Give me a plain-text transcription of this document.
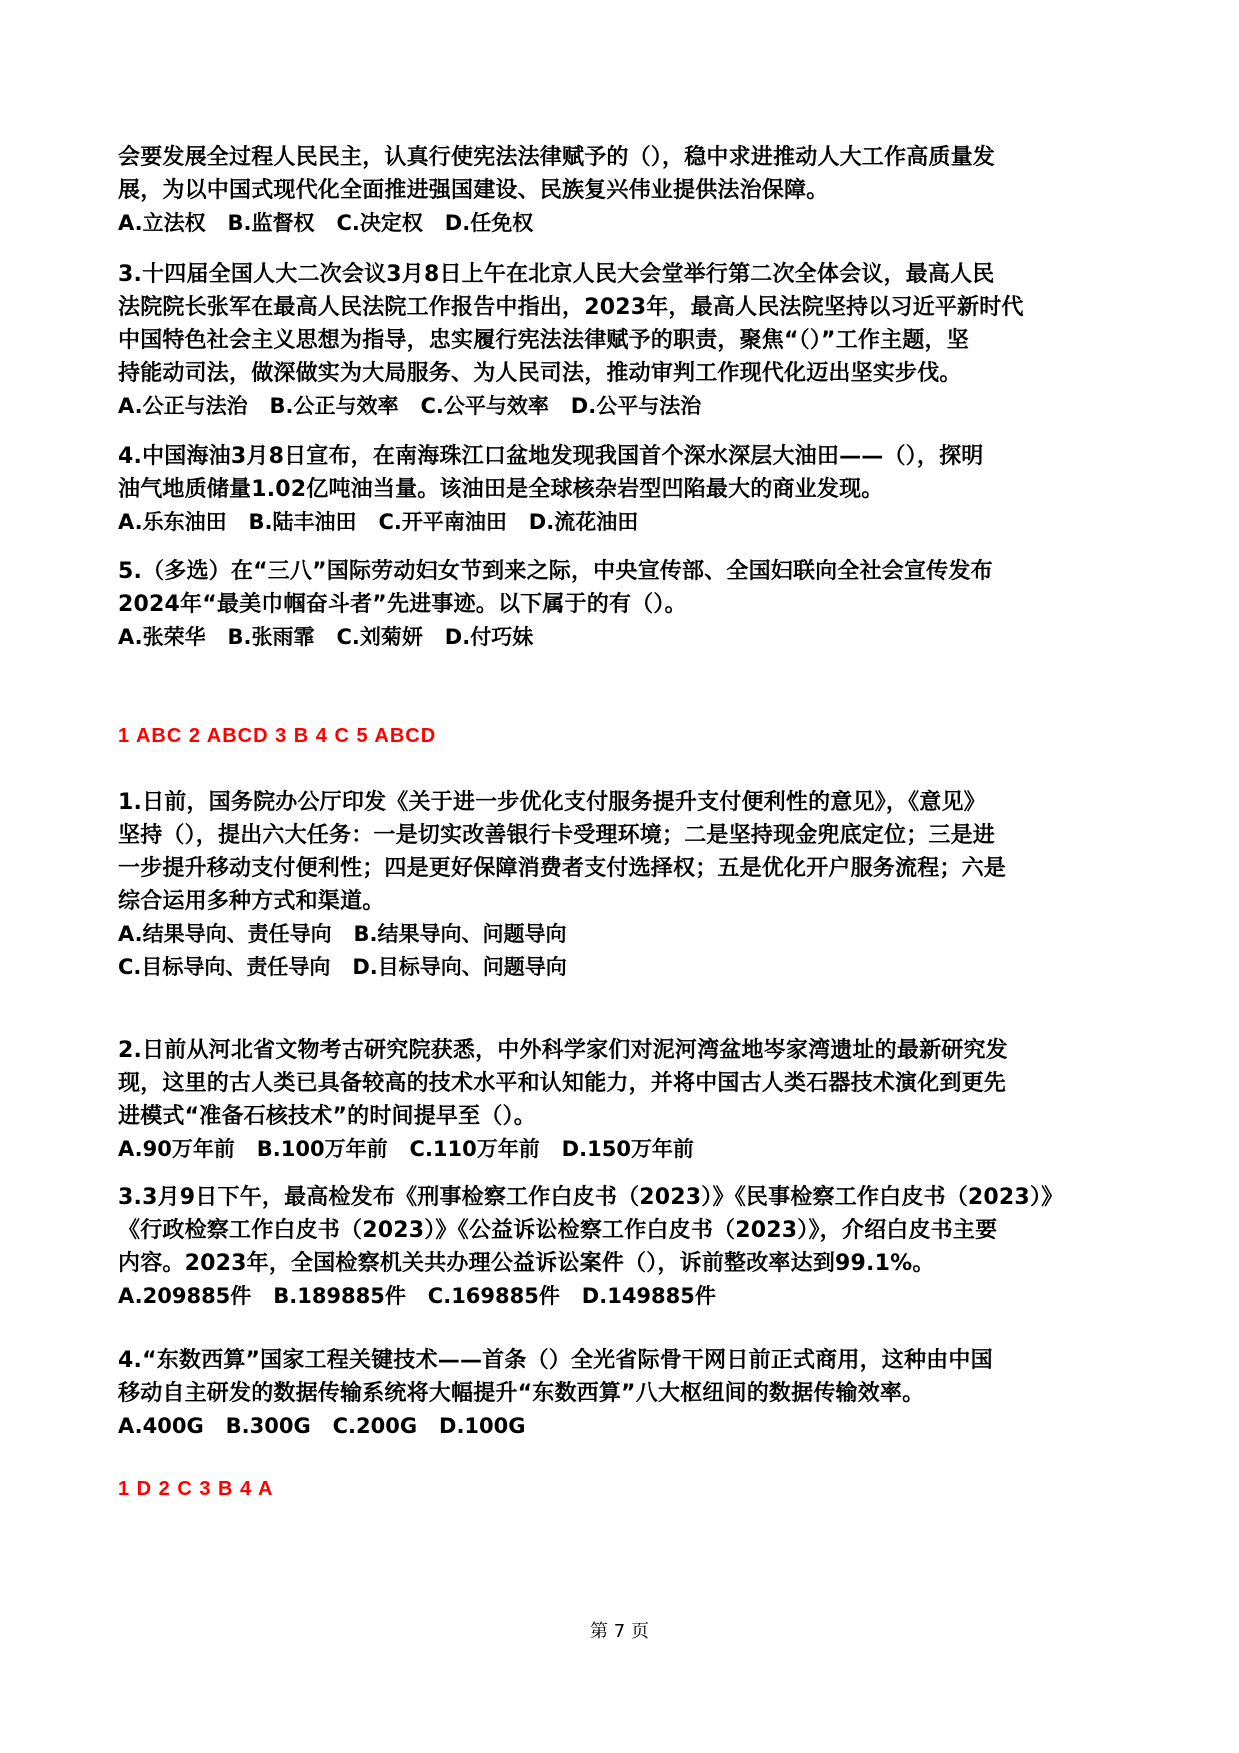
会要发展全过程人民民主，认真行使宪法法律赋予的（），稳中求进推动人大工作高质量发
展，为以中国式现代化全面推进强国建设、民族复兴伟业提供法治保障。
A.立法权   B.监督权   C.决定权   D.任免权
3.十四届全国人大二次会议3月8日上午在北京人民大会堂举行第二次全体会议，最高人民
法院院长张军在最高人民法院工作报告中指出，2023年，最高人民法院坚持以习近平新时代
中国特色社会主义思想为指导，忠实履行宪法法律赋予的职责，聚焦“（）”工作主题，坚
持能动司法，做深做实为大局服务、为人民司法，推动审判工作现代化迈出坚实步伐。
A.公正与法治   B.公正与效率   C.公平与效率   D.公平与法治
4.中国海油3月8日宣布，在南海珠江口盆地发现我国首个深水深层大油田——（），探明
油气地质储量1.02亿吨油当量。该油田是全球核杂岩型凹陷最大的商业发现。
A.乐东油田   B.陆丰油田   C.开平南油田   D.流花油田
5.（多选）在“三八”国际劳动妇女节到来之际，中央宣传部、全国妇联向全社会宣传发布
2024年“最美巾帼奋斗者”先进事迹。以下属于的有（）。
A.张荣华   B.张雨霏   C.刘菊妍   D.付巧妹
1 ABC 2 ABCD 3 B 4 C 5 ABCD
1.日前，国务院办公厅印发《关于进一步优化支付服务提升支付便利性的意见》，《意见》
坚持（），提出六大任务：一是切实改善银行卡受理环境；二是坚持现金兜底定位；三是进
一步提升移动支付便利性；四是更好保障消费者支付选择权；五是优化开户服务流程；六是
综合运用多种方式和渠道。
A.结果导向、责任导向   B.结果导向、问题导向
C.目标导向、责任导向   D.目标导向、问题导向
2.日前从河北省文物考古研究院获悉，中外科学家们对泥河湾盆地岑家湾遗址的最新研究发
现，这里的古人类已具备较高的技术水平和认知能力，并将中国古人类石器技术演化到更先
进模式“准备石核技术”的时间提早至（）。
A.90万年前   B.100万年前   C.110万年前   D.150万年前
3.3月9日下午，最高检发布《刑事检察工作白皮书（2023）》《民事检察工作白皮书（2023）》
《行政检察工作白皮书（2023）》《公益诉讼检察工作白皮书（2023）》，介绍白皮书主要
内容。2023年，全国检察机关共办理公益诉讼案件（），诉前整改率达到99.1%。
A.209885件   B.189885件   C.169885件   D.149885件
4.“东数西算”国家工程关键技术——首条（）全光省际骨干网日前正式商用，这种由中国
移动自主研发的数据传输系统将大幅提升“东数西算”八大枢纽间的数据传输效率。
A.400G   B.300G   C.200G   D.100G
1 D 2 C 3 B 4 A
第 7 页
